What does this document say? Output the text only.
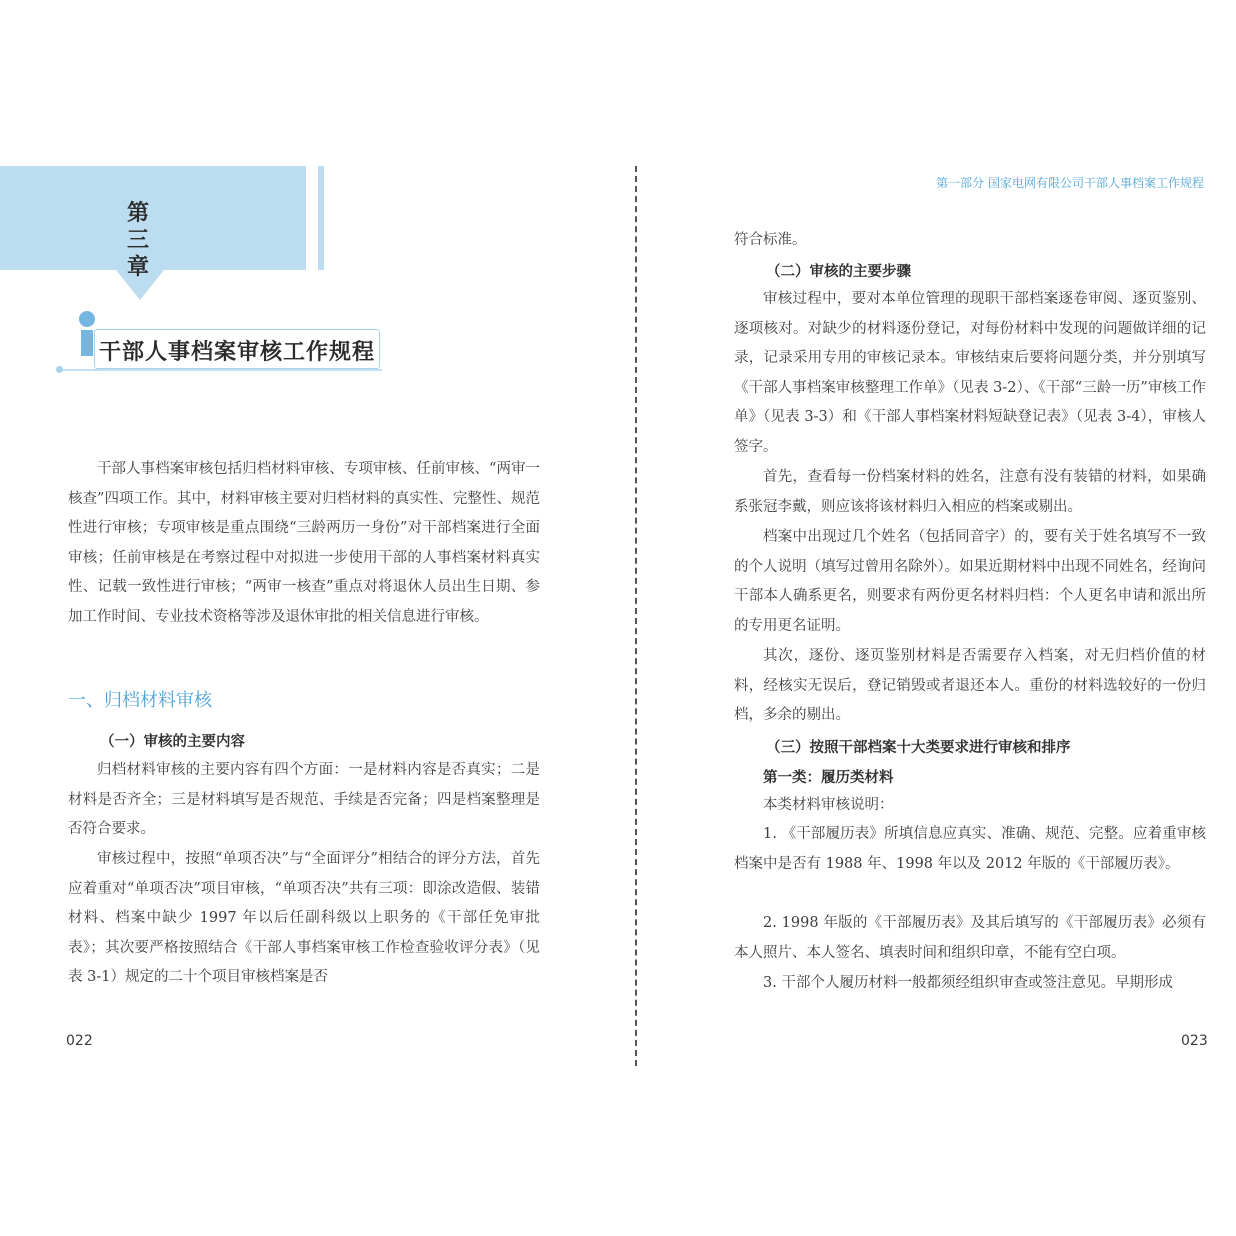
第三章
干部人事档案审核工作规程
干部人事档案审核包括归档材料审核、专项审核、任前审核、“两审一核查”四项工作。其中，材料审核主要对归档材料的真实性、完整性、规范性进行审核；专项审核是重点围绕“三龄两历一身份”对干部档案进行全面审核；任前审核是在考察过程中对拟进一步使用干部的人事档案材料真实性、记载一致性进行审核；“两审一核查”重点对将退休人员出生日期、参加工作时间、专业技术资格等涉及退休审批的相关信息进行审核。
一、归档材料审核
（一）审核的主要内容
归档材料审核的主要内容有四个方面：一是材料内容是否真实；二是材料是否齐全；三是材料填写是否规范、手续是否完备；四是档案整理是否符合要求。
审核过程中，按照“单项否决”与“全面评分”相结合的评分方法，首先应着重对“单项否决”项目审核，“单项否决”共有三项：即涂改造假、装错材料、档案中缺少 1997 年以后任副科级以上职务的《干部任免审批表》；其次要严格按照结合《干部人事档案审核工作检查验收评分表》（见表 3-1）规定的二十个项目审核档案是否
022
第一部分 国家电网有限公司干部人事档案工作规程
符合标准。
（二）审核的主要步骤
审核过程中，要对本单位管理的现职干部档案逐卷审阅、逐页鉴别、逐项核对。对缺少的材料逐份登记，对每份材料中发现的问题做详细的记录，记录采用专用的审核记录本。审核结束后要将问题分类，并分别填写《干部人事档案审核整理工作单》（见表 3-2）、《干部“三龄一历”审核工作单》（见表 3-3）和《干部人事档案材料短缺登记表》（见表 3-4），审核人签字。
首先，查看每一份档案材料的姓名，注意有没有装错的材料，如果确系张冠李戴，则应该将该材料归入相应的档案或剔出。
档案中出现过几个姓名（包括同音字）的，要有关于姓名填写不一致的个人说明（填写过曾用名除外）。如果近期材料中出现不同姓名，经询问干部本人确系更名，则要求有两份更名材料归档：个人更名申请和派出所的专用更名证明。
其次，逐份、逐页鉴别材料是否需要存入档案，对无归档价值的材料，经核实无误后，登记销毁或者退还本人。重份的材料选较好的一份归档，多余的剔出。
（三）按照干部档案十大类要求进行审核和排序
第一类：履历类材料
本类材料审核说明：
1. 《干部履历表》所填信息应真实、准确、规范、完整。应着重审核档案中是否有 1988 年、1998 年以及 2012 年版的《干部履历表》。
2. 1998 年版的《干部履历表》及其后填写的《干部履历表》必须有本人照片、本人签名、填表时间和组织印章，不能有空白项。
3. 干部个人履历材料一般都须经组织审查或签注意见。早期形成
023
